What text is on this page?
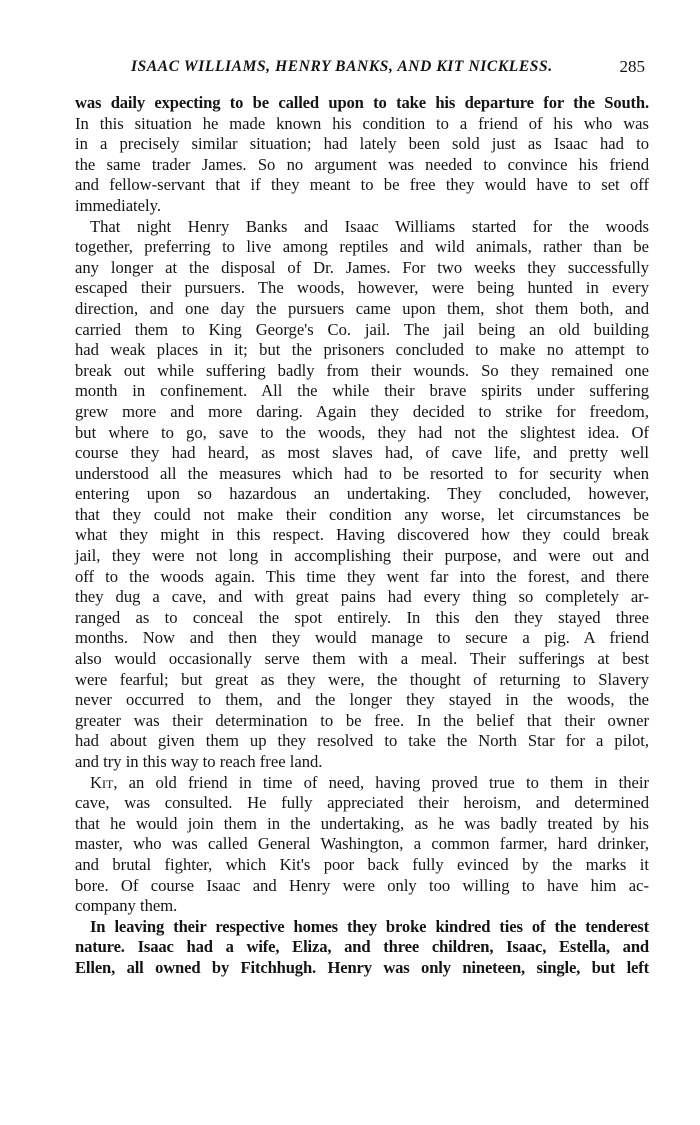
ISAAC WILLIAMS, HENRY BANKS, AND KIT NICKLESS.	285
was daily expecting to be called upon to take his departure for the South.
In this situation he made known his condition to a friend of his who was
in a precisely similar situation; had lately been sold just as Isaac had to
the same trader James. So no argument was needed to convince his friend
and fellow-servant that if they meant to be free they would have to set off
immediately.
That night Henry Banks and Isaac Williams started for the woods
together, preferring to live among reptiles and wild animals, rather than be
any longer at the disposal of Dr. James. For two weeks they successfully
escaped their pursuers. The woods, however, were being hunted in every
direction, and one day the pursuers came upon them, shot them both, and
carried them to King George's Co. jail. The jail being an old building
had weak places in it; but the prisoners concluded to make no attempt to
break out while suffering badly from their wounds. So they remained one
month in confinement. All the while their brave spirits under suffering
grew more and more daring. Again they decided to strike for freedom,
but where to go, save to the woods, they had not the slightest idea. Of
course they had heard, as most slaves had, of cave life, and pretty well
understood all the measures which had to be resorted to for security when
entering upon so hazardous an undertaking. They concluded, however,
that they could not make their condition any worse, let circumstances be
what they might in this respect. Having discovered how they could break
jail, they were not long in accomplishing their purpose, and were out and
off to the woods again. This time they went far into the forest, and there
they dug a cave, and with great pains had every thing so completely ar-
ranged as to conceal the spot entirely. In this den they stayed three
months. Now and then they would manage to secure a pig. A friend
also would occasionally serve them with a meal. Their sufferings at best
were fearful; but great as they were, the thought of returning to Slavery
never occurred to them, and the longer they stayed in the woods, the
greater was their determination to be free. In the belief that their owner
had about given them up they resolved to take the North Star for a pilot,
and try in this way to reach free land.
Kit, an old friend in time of need, having proved true to them in their
cave, was consulted. He fully appreciated their heroism, and determined
that he would join them in the undertaking, as he was badly treated by his
master, who was called General Washington, a common farmer, hard drinker,
and brutal fighter, which Kit's poor back fully evinced by the marks it
bore. Of course Isaac and Henry were only too willing to have him ac-
company them.
In leaving their respective homes they broke kindred ties of the tenderest
nature. Isaac had a wife, Eliza, and three children, Isaac, Estella, and
Ellen, all owned by Fitchhugh. Henry was only nineteen, single, but left
